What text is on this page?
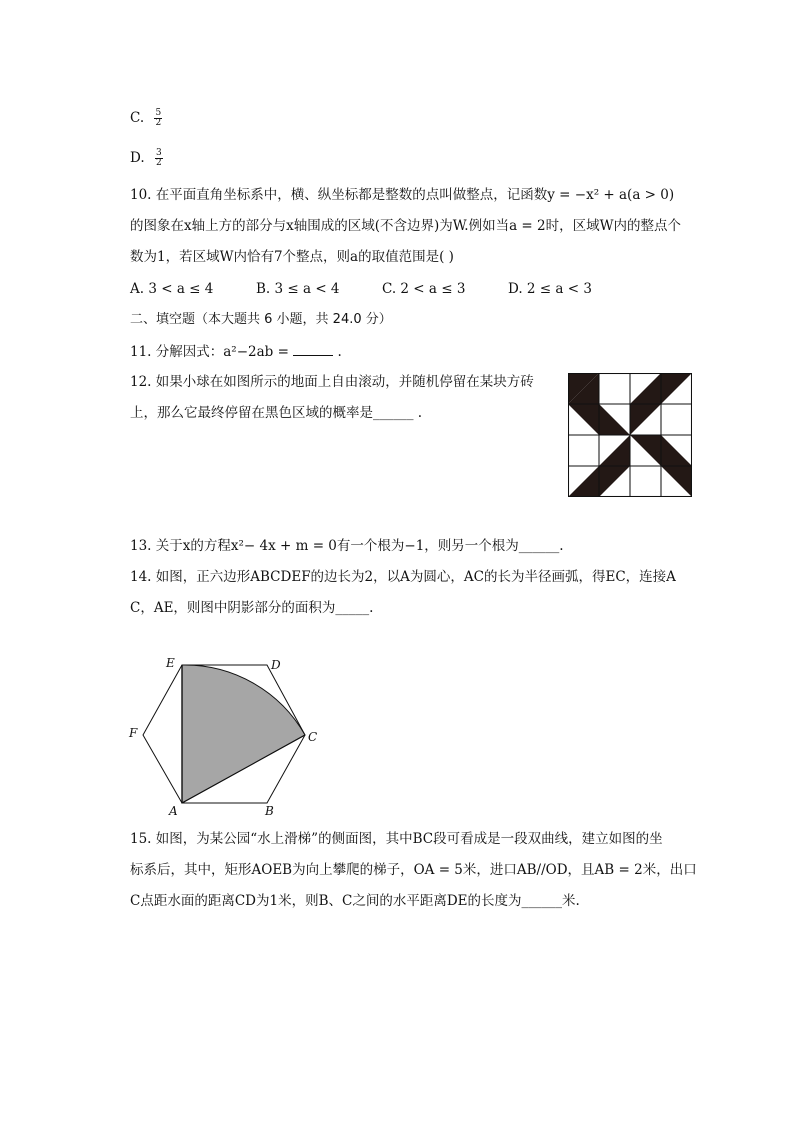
C. $\frac{5}{2}$
D. $\frac{3}{2}$
10. 在平面直角坐标系中，横、纵坐标都是整数的点叫做整点，记函数y = −x² + a(a > 0)
的图象在x轴上方的部分与x轴围成的区域(不含边界)为W.例如当a = 2时，区域W内的整点个
数为1，若区域W内恰有7个整点，则a的取值范围是( )
A. 3 < a ≤ 4	B. 3 ≤ a < 4	C. 2 < a ≤ 3	D. 2 ≤ a < 3
二、填空题（本大题共 6 小题，共 24.0 分）
11. 分解因式：a²−2ab =	.
12. 如果小球在如图所示的地面上自由滚动，并随机停留在某块方砖
上，那么它最终停留在黑色区域的概率是______ .
13. 关于x的方程x²− 4x + m = 0有一个根为−1，则另一个根为______.
14. 如图，正六边形ABCDEF的边长为2，以A为圆心，AC的长为半径画弧，得EC，连接A
C，AE，则图中阴影部分的面积为_____.
E	D
F	C
A	B
15. 如图，为某公园“水上滑梯”的侧面图，其中BC段可看成是一段双曲线，建立如图的坐
标系后，其中，矩形AOEB为向上攀爬的梯子，OA = 5米，进口AB//OD，且AB = 2米，出口
C点距水面的距离CD为1米，则B、C之间的水平距离DE的长度为______米.
